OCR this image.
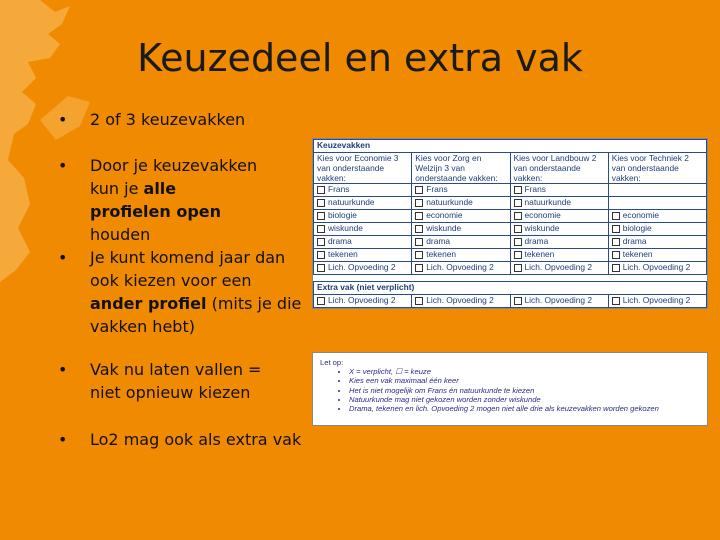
Keuzedeel en extra vak
• 2 of 3 keuzevakken
• Door je keuzevakken kun je alle profielen open houden
• Je kunt komend jaar dan ook kiezen voor een ander profiel (mits je die vakken hebt)
• Vak nu laten vallen = niet opnieuw kiezen
• Lo2 mag ook als extra vak
Keuzevakken			
Kies voor Economie 3 van onderstaande vakken:	Kies voor Zorg en Welzijn 3 van onderstaande vakken:	Kies voor Landbouw 2 van onderstaande vakken:	Kies voor Techniek 2 van onderstaande vakken:
Frans	Frans	Frans	
natuurkunde	natuurkunde	natuurkunde	
biologie	economie	economie	economie
wiskunde	wiskunde	wiskunde	biologie
drama	drama	drama	drama
tekenen	tekenen	tekenen	tekenen
Lich. Opvoeding 2	Lich. Opvoeding 2	Lich. Opvoeding 2	Lich. Opvoeding 2

Extra vak (niet verplicht)			
Lich. Opvoeding 2	Lich. Opvoeding 2	Lich. Opvoeding 2	Lich. Opvoeding 2
Let op:
• X = verplicht, ☐ = keuze
• Kies een vak maximaal één keer
• Het is niet mogelijk om Frans én natuurkunde te kiezen
• Natuurkunde mag niet gekozen worden zonder wiskunde
• Drama, tekenen en lich. Opvoeding 2 mogen niet alle drie als keuzevakken worden gekozen
